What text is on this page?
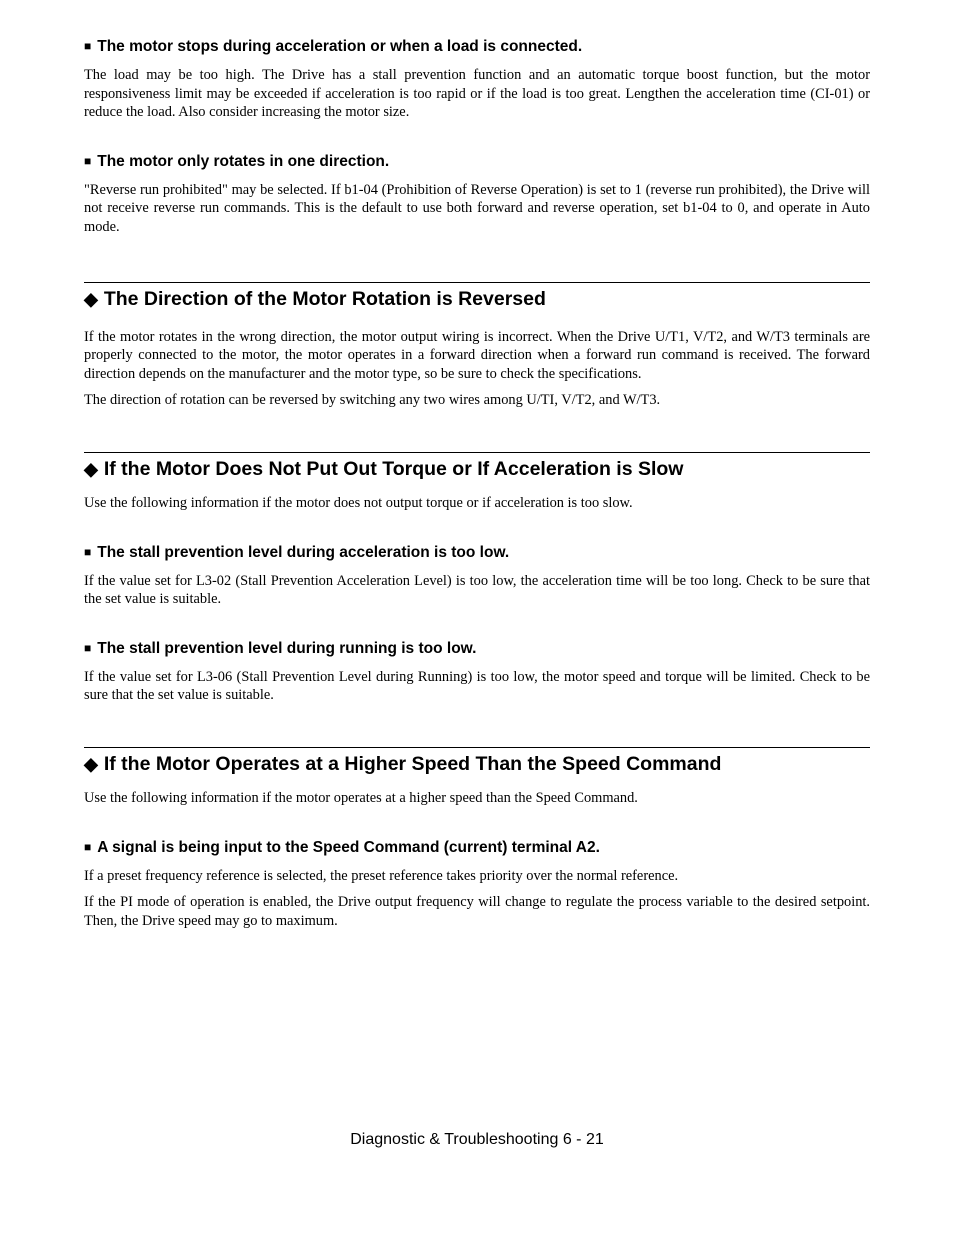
■ The motor stops during acceleration or when a load is connected.

The load may be too high. The Drive has a stall prevention function and an automatic torque boost function, but the motor responsiveness limit may be exceeded if acceleration is too rapid or if the load is too great. Lengthen the acceleration time (CI-01) or reduce the load. Also consider increasing the motor size.

■ The motor only rotates in one direction.

"Reverse run prohibited" may be selected. If b1-04 (Prohibition of Reverse Operation) is set to 1 (reverse run prohibited), the Drive will not receive reverse run commands. This is the default to use both forward and reverse operation, set b1-04 to 0, and operate in Auto mode.

◆ The Direction of the Motor Rotation is Reversed

If the motor rotates in the wrong direction, the motor output wiring is incorrect. When the Drive U/T1, V/T2, and W/T3 terminals are properly connected to the motor, the motor operates in a forward direction when a forward run command is received. The forward direction depends on the manufacturer and the motor type, so be sure to check the specifications.

The direction of rotation can be reversed by switching any two wires among U/TI, V/T2, and W/T3.

◆ If the Motor Does Not Put Out Torque or If Acceleration is Slow

Use the following information if the motor does not output torque or if acceleration is too slow.

■ The stall prevention level during acceleration is too low.

If the value set for L3-02 (Stall Prevention Acceleration Level) is too low, the acceleration time will be too long. Check to be sure that the set value is suitable.

■ The stall prevention level during running is too low.

If the value set for L3-06 (Stall Prevention Level during Running) is too low, the motor speed and torque will be limited. Check to be sure that the set value is suitable.

◆ If the Motor Operates at a Higher Speed Than the Speed Command

Use the following information if the motor operates at a higher speed than the Speed Command.

■ A signal is being input to the Speed Command (current) terminal A2.

If a preset frequency reference is selected, the preset reference takes priority over the normal reference.

If the PI mode of operation is enabled, the Drive output frequency will change to regulate the process variable to the desired setpoint. Then, the Drive speed may go to maximum.

Diagnostic & Troubleshooting 6 - 21
